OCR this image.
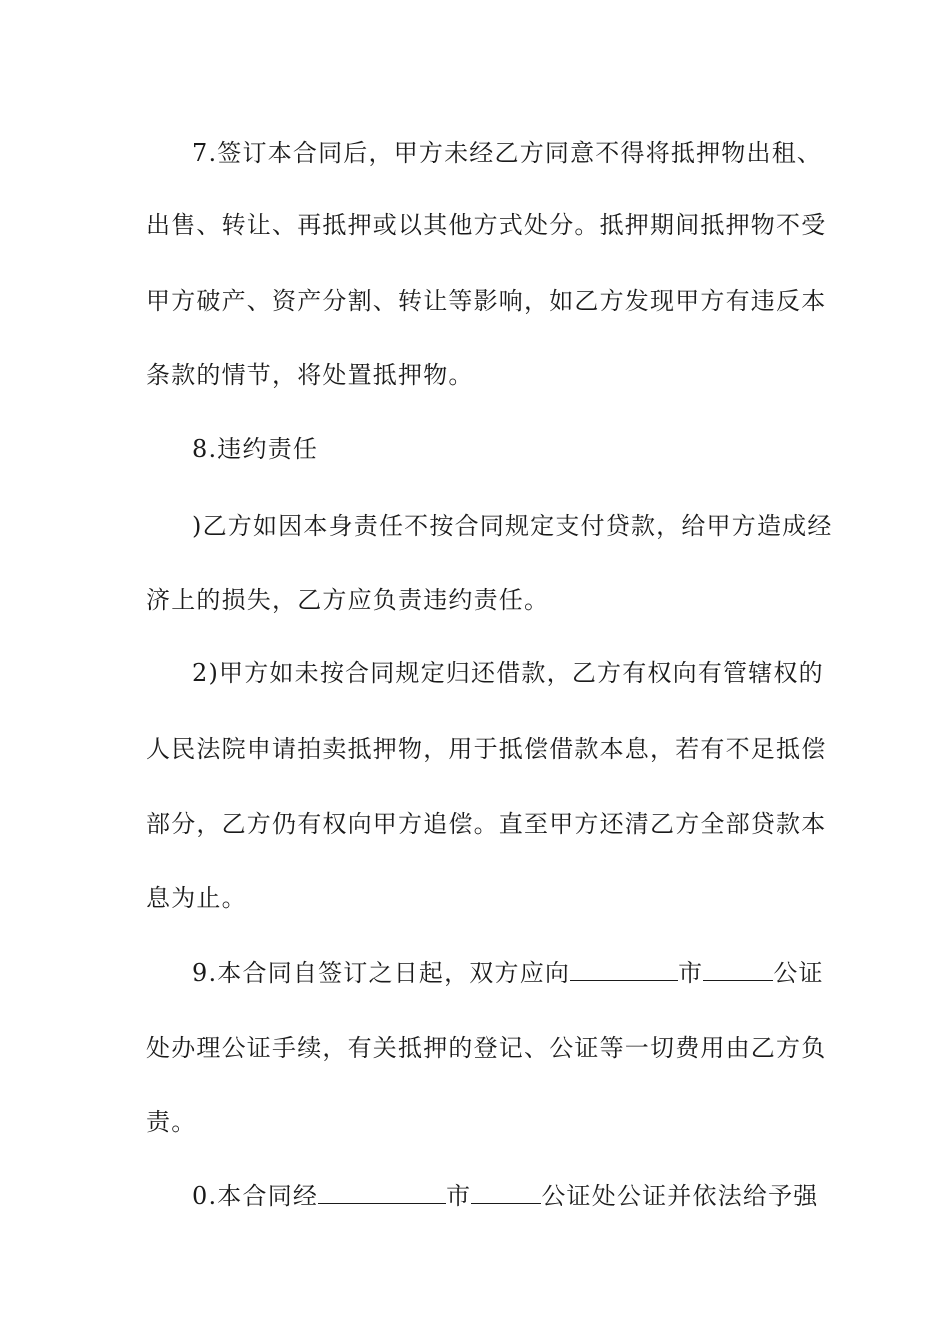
7.签订本合同后，甲方未经乙方同意不得将抵押物出租、
出售、转让、再抵押或以其他方式处分。抵押期间抵押物不受
甲方破产、资产分割、转让等影响，如乙方发现甲方有违反本
条款的情节，将处置抵押物。
8.违约责任
)乙方如因本身责任不按合同规定支付贷款，给甲方造成经
济上的损失，乙方应负责违约责任。
2)甲方如未按合同规定归还借款，乙方有权向有管辖权的
人民法院申请拍卖抵押物，用于抵偿借款本息，若有不足抵偿
部分，乙方仍有权向甲方追偿。直至甲方还清乙方全部贷款本
息为止。
9.本合同自签订之日起，双方应向	市	公证
处办理公证手续，有关抵押的登记、公证等一切费用由乙方负
责。
0.本合同经	市	公证处公证并依法给予强
